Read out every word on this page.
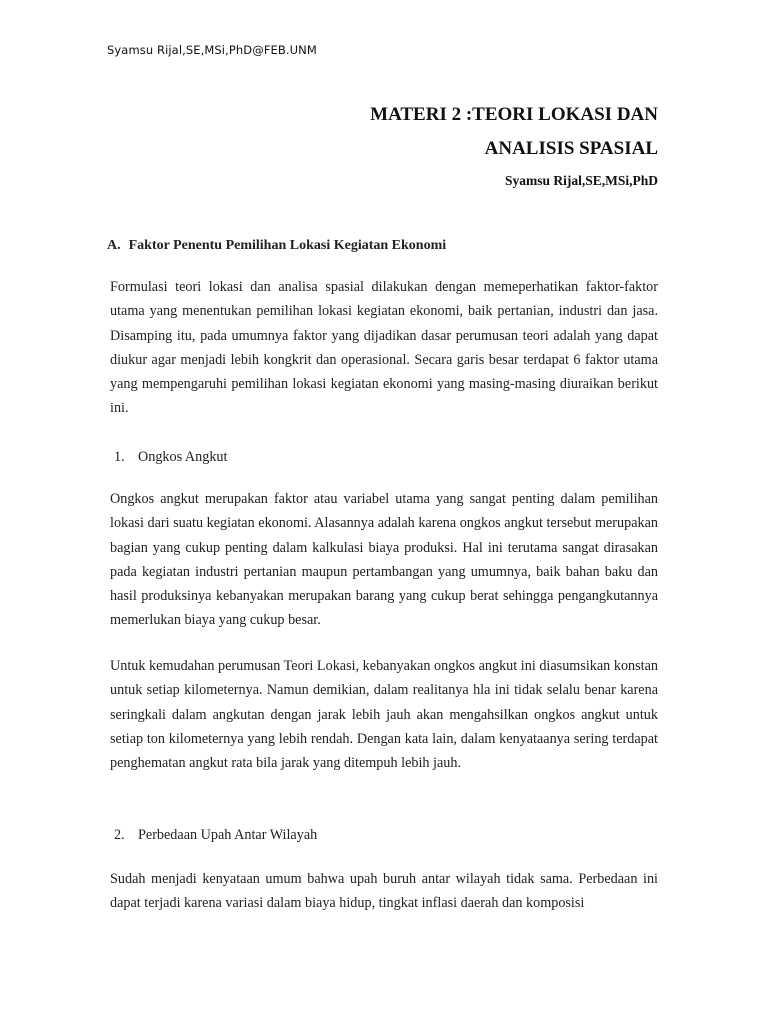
Syamsu Rijal,SE,MSi,PhD@FEB.UNM
MATERI 2 :TEORI LOKASI DAN
ANALISIS SPASIAL
Syamsu Rijal,SE,MSi,PhD
A. Faktor Penentu Pemilihan Lokasi Kegiatan Ekonomi

Formulasi teori lokasi dan analisa spasial dilakukan dengan memeperhatikan faktor-faktor utama yang menentukan pemilihan lokasi kegiatan ekonomi, baik pertanian, industri dan jasa. Disamping itu, pada umumnya faktor yang dijadikan dasar perumusan teori adalah yang dapat diukur agar menjadi lebih kongkrit dan operasional. Secara garis besar terdapat 6 faktor utama yang mempengaruhi pemilihan lokasi kegiatan ekonomi yang masing-masing diuraikan berikut ini.

1. Ongkos Angkut

Ongkos angkut merupakan faktor atau variabel utama yang sangat penting dalam pemilihan lokasi dari suatu kegiatan ekonomi. Alasannya adalah karena ongkos angkut tersebut merupakan bagian yang cukup penting dalam kalkulasi biaya produksi. Hal ini terutama sangat dirasakan pada kegiatan industri pertanian maupun pertambangan yang umumnya, baik bahan baku dan hasil produksinya kebanyakan merupakan barang yang cukup berat sehingga pengangkutannya memerlukan biaya yang cukup besar.

Untuk kemudahan perumusan Teori Lokasi, kebanyakan ongkos angkut ini diasumsikan konstan untuk setiap kilometernya. Namun demikian, dalam realitanya hla ini tidak selalu benar karena seringkali dalam angkutan dengan jarak lebih jauh akan mengahsilkan ongkos angkut untuk setiap ton kilometernya yang lebih rendah. Dengan kata lain, dalam kenyataanya sering terdapat penghematan angkut rata bila jarak yang ditempuh lebih jauh.

2. Perbedaan Upah Antar Wilayah

Sudah menjadi kenyataan umum bahwa upah buruh antar wilayah tidak sama. Perbedaan ini dapat terjadi karena variasi dalam biaya hidup, tingkat inflasi daerah dan komposisi
